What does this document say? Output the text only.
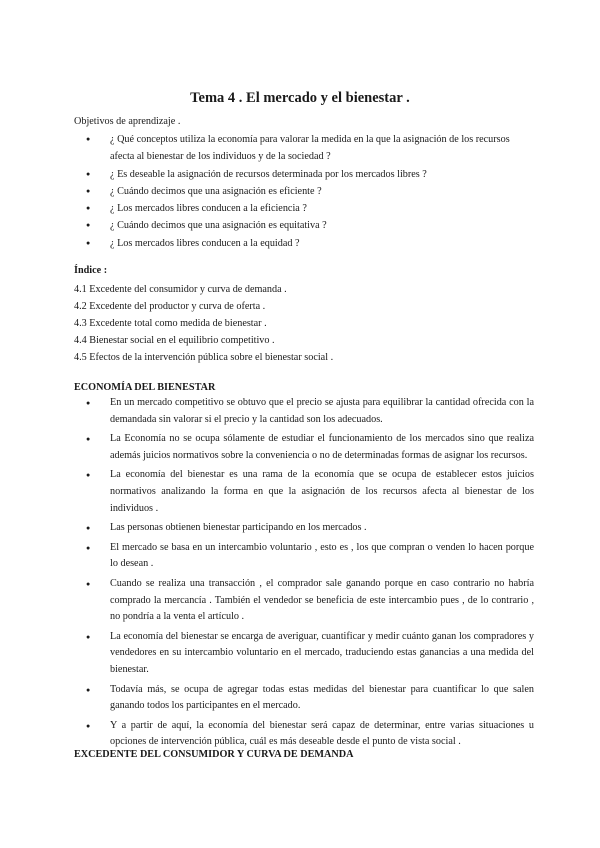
Tema 4 . El mercado y el bienestar .
Objetivos de aprendizaje .
● ¿ Qué conceptos utiliza la economía para valorar la medida en la que la asignación de los recursos afecta al bienestar de los individuos y de la sociedad ?
● ¿ Es deseable la asignación de recursos determinada por los mercados libres ?
● ¿ Cuándo decimos que una asignación es eficiente ?
● ¿ Los mercados libres conducen a la eficiencia ?
● ¿ Cuándo decimos que una asignación es equitativa ?
● ¿ Los mercados libres conducen a la equidad ?
Índice :
4.1 Excedente del consumidor y curva de demanda .
4.2 Excedente del productor y curva de oferta .
4.3 Excedente total como medida de bienestar .
4.4 Bienestar social en el equilibrio competitivo .
4.5 Efectos de la intervención pública sobre el bienestar social .
ECONOMÍA DEL BIENESTAR
● En un mercado competitivo se obtuvo que el precio se ajusta para equilibrar la cantidad ofrecida con la demandada sin valorar si el precio y la cantidad son los adecuados.
● La Economía no se ocupa sólamente de estudiar el funcionamiento de los mercados sino que realiza además juicios normativos sobre la conveniencia o no de determinadas formas de asignar los recursos.
● La economía del bienestar es una rama de la economía que se ocupa de establecer estos juicios normativos analizando la forma en que la asignación de los recursos afecta al bienestar de los individuos .
● Las personas obtienen bienestar participando en los mercados .
● El mercado se basa en un intercambio voluntario , esto es , los que compran o venden lo hacen porque lo desean .
● Cuando se realiza una transacción , el comprador sale ganando porque en caso contrario no habría comprado la mercancía . También el vendedor se beneficia de este intercambio pues , de lo contrario , no pondría a la venta el artículo .
● La economía del bienestar se encarga de averiguar, cuantificar y medir cuánto ganan los compradores y vendedores en su intercambio voluntario en el mercado, traduciendo estas ganancias a una medida del bienestar.
● Todavía más, se ocupa de agregar todas estas medidas del bienestar para cuantificar lo que salen ganando todos los participantes en el mercado.
● Y a partir de aquí, la economía del bienestar será capaz de determinar, entre varias situaciones u opciones de intervención pública, cuál es más deseable desde el punto de vista social .
EXCEDENTE DEL CONSUMIDOR Y CURVA DE DEMANDA
